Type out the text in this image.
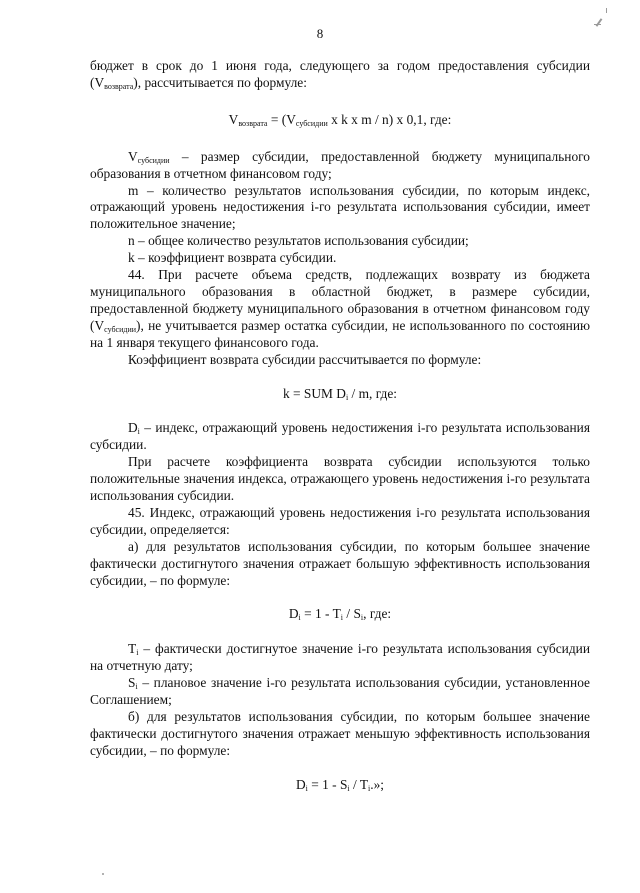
8

бюджет в срок до 1 июня года, следующего за годом предоставления субсидии $(V_{возврата})$, рассчитывается по формуле:

$V_{возврата} = (V_{субсидии}$ x k x m / n) x 0,1, где:

$V_{субсидии}$ – размер субсидии, предоставленной бюджету муниципального образования в отчетном финансовом году;

m – количество результатов использования субсидии, по которым индекс, отражающий уровень недостижения i-го результата использования субсидии, имеет положительное значение;

n – общее количество результатов использования субсидии;

k – коэффициент возврата субсидии.

44. При расчете объема средств, подлежащих возврату из бюджета муниципального образования в областной бюджет, в размере субсидии, предоставленной бюджету муниципального образования в отчетном финансовом году $(V_{субсидии})$, не учитывается размер остатка субсидии, не использованного по состоянию на 1 января текущего финансового года.

Коэффициент возврата субсидии рассчитывается по формуле:

k = SUM $D_i$ / m, где:

$D_i$ – индекс, отражающий уровень недостижения i-го результата использования субсидии.

При расчете коэффициента возврата субсидии используются только положительные значения индекса, отражающего уровень недостижения i-го результата использования субсидии.

45. Индекс, отражающий уровень недостижения i-го результата использования субсидии, определяется:

а) для результатов использования субсидии, по которым большее значение фактически достигнутого значения отражает большую эффективность использования субсидии, – по формуле:

$D_i = 1 - T_i / S_i$, где:

$T_i$ – фактически достигнутое значение i-го результата использования субсидии на отчетную дату;

$S_i$ – плановое значение i-го результата использования субсидии, установленное Соглашением;

б) для результатов использования субсидии, по которым большее значение фактически достигнутого значения отражает меньшую эффективность использования субсидии, – по формуле:

$D_i = 1 - S_i / T_i$.»;
